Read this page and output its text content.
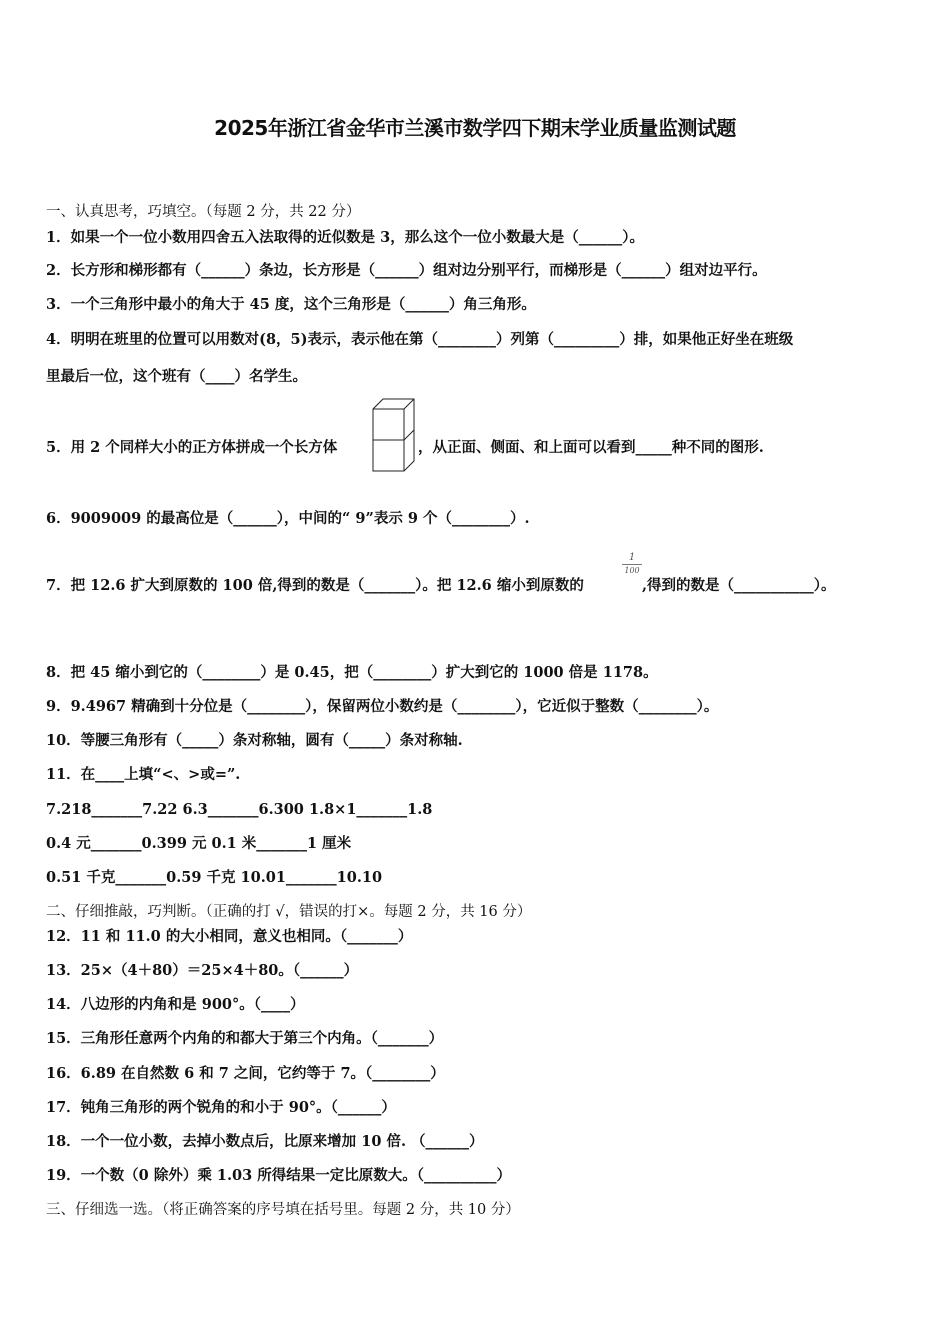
2025年浙江省金华市兰溪市数学四下期末学业质量监测试题
一、认真思考，巧填空。（每题 2 分，共 22 分）
1．如果一个一位小数用四舍五入法取得的近似数是 3，那么这个一位小数最大是（______）。
2．长方形和梯形都有（______）条边，长方形是（______）组对边分别平行，而梯形是（______）组对边平行。
3．一个三角形中最小的角大于 45 度，这个三角形是（______）角三角形。
4．明明在班里的位置可以用数对(8，5)表示，表示他在第（________）列第（_________）排，如果他正好坐在班级
里最后一位，这个班有（____）名学生。
5．用 2 个同样大小的正方体拼成一个长方体	，从正面、侧面、和上面可以看到_____种不同的图形.
6．9009009 的最高位是（______），中间的“ 9”表示 9 个（________）.
7．把 12.6 扩大到原数的 100 倍,得到的数是（_______）。把 12.6 缩小到原数的
1
100
,得到的数是（___________）。
8．把 45 缩小到它的（________）是 0.45，把（________）扩大到它的 1000 倍是 1178。
9．9.4967 精确到十分位是（________），保留两位小数约是（________），它近似于整数（________）。
10．等腰三角形有（_____）条对称轴，圆有（_____）条对称轴.
11．在____上填“<、>或=”.
7.218_______7.22 6.3_______6.300 1.8×1_______1.8
0.4 元_______0.399 元 0.1 米_______1 厘米
0.51 千克_______0.59 千克 10.01_______10.10
二、仔细推敲，巧判断。（正确的打 √，错误的打×。每题 2 分，共 16 分）
12．11 和 11.0 的大小相同，意义也相同。（_______）
13．25×（4＋80）＝25×4＋80。（______）
14．八边形的内角和是 900°。（____）
15．三角形任意两个内角的和都大于第三个内角。（_______）
16．6.89 在自然数 6 和 7 之间，它约等于 7。（________）
17．钝角三角形的两个锐角的和小于 90°。（______）
18．一个一位小数，去掉小数点后，比原来增加 10 倍. （______）
19．一个数（0 除外）乘 1.03 所得结果一定比原数大。（__________）
三、仔细选一选。（将正确答案的序号填在括号里。每题 2 分，共 10 分）
